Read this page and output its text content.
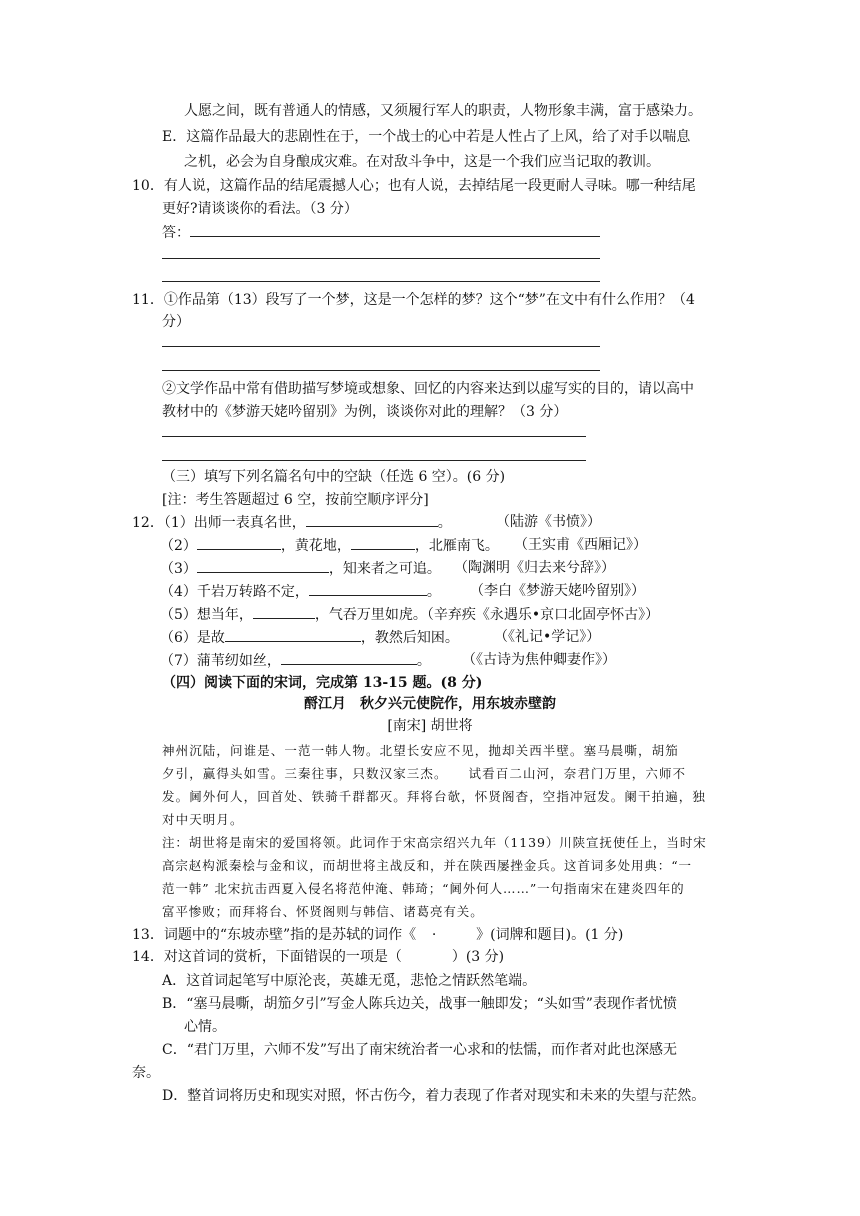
人愿之间，既有普通人的情感，又须履行军人的职责，人物形象丰满，富于感染力。
E．这篇作品最大的悲剧性在于，一个战士的心中若是人性占了上风，给了对手以喘息
之机，必会为自身酿成灾难。在对敌斗争中，这是一个我们应当记取的教训。
10．有人说，这篇作品的结尾震撼人心；也有人说，去掉结尾一段更耐人寻味。哪一种结尾
更好?请谈谈你的看法。（3 分）
答：
11．①作品第（13）段写了一个梦，这是一个怎样的梦？这个“梦”在文中有什么作用？（4
分）
②文学作品中常有借助描写梦境或想象、回忆的内容来达到以虚写实的目的，请以高中
教材中的《梦游天姥吟留别》为例，谈谈你对此的理解？（3 分）
（三）填写下列名篇名句中的空缺（任选 6 空）。(6 分)
[注：考生答题超过 6 空，按前空顺序评分]
12．（1）出师一表真名世，	。	（陆游《书愤》）
（2）	，黄花地，	，北雁南飞。 （王实甫《西厢记》）
（3）	，知来者之可追。 （陶渊明《归去来兮辞》）
（4）千岩万转路不定，	。 （李白《梦游天姥吟留别》）
（5）想当年，	，气吞万里如虎。（辛弃疾《永遇乐•京口北固亭怀古》）
（6）是故	，教然后知困。	（《礼记•学记》）
（7）蒲苇纫如丝，	。 （《古诗为焦仲卿妻作》）
（四）阅读下面的宋词，完成第 13-15 题。(8 分)
酹江月　秋夕兴元使院作，用东坡赤壁韵
[南宋] 胡世将
神州沉陆，问谁是、一范一韩人物。北望长安应不见，抛却关西半壁。塞马晨嘶，胡笳
夕引，赢得头如雪。三秦往事，只数汉家三杰。　　试看百二山河，奈君门万里，六师不
发。阃外何人，回首处、铁骑千群都灭。拜将台欹，怀贤阁杳，空指冲冠发。阑干拍遍，独
对中天明月。
注：胡世将是南宋的爱国将领。此词作于宋高宗绍兴九年（1139）川陕宣抚使任上，当时宋
高宗赵构派秦桧与金和议，而胡世将主战反和，并在陕西屡挫金兵。这首词多处用典：“一
范一韩” 北宋抗击西夏入侵名将范仲淹、韩琦；“阃外何人……”一句指南宋在建炎四年的
富平惨败；而拜将台、怀贤阁则与韩信、诸葛亮有关。
13．词题中的“东坡赤壁”指的是苏轼的词作《 ·	》(词牌和题目)。(1 分)
14．对这首词的赏析，下面错误的一项是（	）(3 分)
A．这首词起笔写中原沦丧，英雄无觅，悲怆之情跃然笔端。
B．“塞马晨嘶，胡笳夕引”写金人陈兵边关，战事一触即发；“头如雪”表现作者忧愤
心情。
C．“君门万里，六师不发”写出了南宋统治者一心求和的怯懦，而作者对此也深感无
奈。
D．整首词将历史和现实对照，怀古伤今，着力表现了作者对现实和未来的失望与茫然。
